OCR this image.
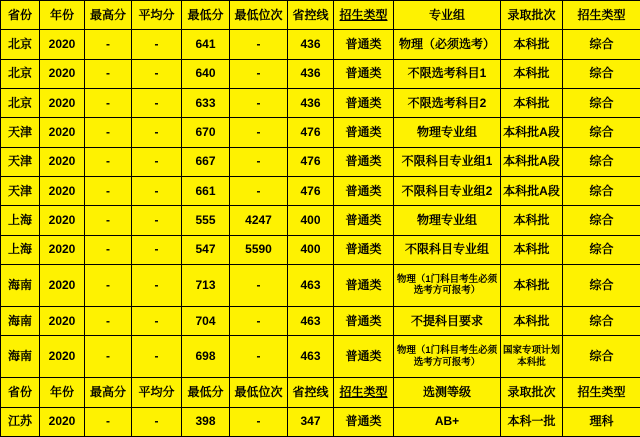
省份	年份	最高分	平均分	最低分	最低位次	省控线	招生类型	专业组	录取批次	招生类型
北京	2020	-	-	641	-	436	普通类	物理（必须选考）	本科批	综合
北京	2020	-	-	640	-	436	普通类	不限选考科目1	本科批	综合
北京	2020	-	-	633	-	436	普通类	不限选考科目2	本科批	综合
天津	2020	-	-	670	-	476	普通类	物理专业组	本科批A段	综合
天津	2020	-	-	667	-	476	普通类	不限科目专业组1	本科批A段	综合
天津	2020	-	-	661	-	476	普通类	不限科目专业组2	本科批A段	综合
上海	2020	-	-	555	4247	400	普通类	物理专业组	本科批	综合
上海	2020	-	-	547	5590	400	普通类	不限科目专业组	本科批	综合
海南	2020	-	-	713	-	463	普通类	物理（1门科目考生必须选考方可报考）	本科批	综合
海南	2020	-	-	704	-	463	普通类	不提科目要求	本科批	综合
海南	2020	-	-	698	-	463	普通类	物理（1门科目考生必须选考方可报考）	国家专项计划本科批	综合
省份	年份	最高分	平均分	最低分	最低位次	省控线	招生类型	选测等级	录取批次	招生类型
江苏	2020	-	-	398	-	347	普通类	AB+	本科一批	理科
